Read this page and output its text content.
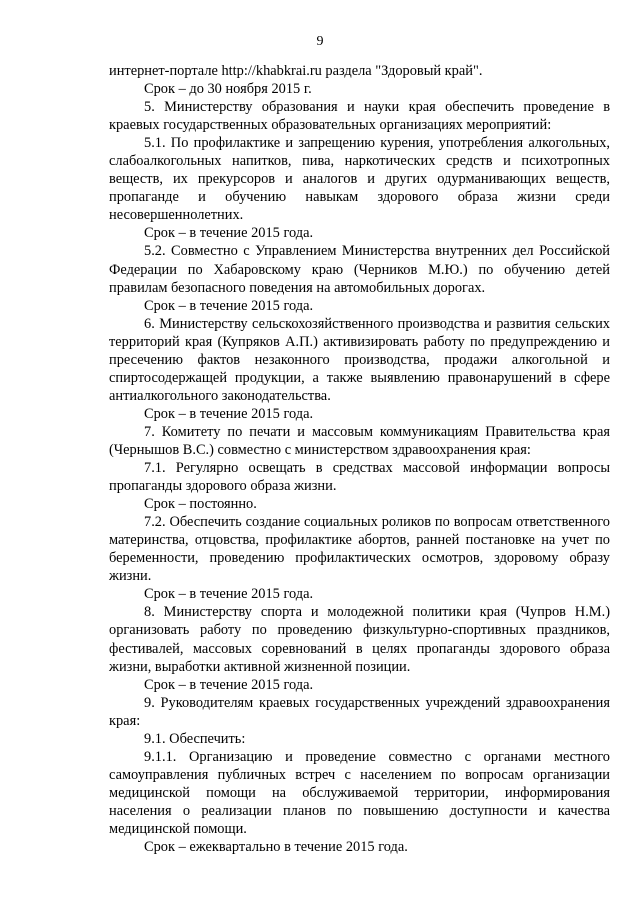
9

интернет-портале http://khabkrai.ru раздела "Здоровый край".

Срок – до 30 ноября 2015 г.

5. Министерству образования и науки края обеспечить проведение в краевых государственных образовательных организациях мероприятий:

5.1. По профилактике и запрещению курения, употребления алкогольных, слабоалкогольных напитков, пива, наркотических средств и психотропных веществ, их прекурсоров и аналогов и других одурманивающих веществ, пропаганде и обучению навыкам здорового образа жизни среди несовершеннолетних.

Срок – в течение 2015 года.

5.2. Совместно с Управлением Министерства внутренних дел Российской Федерации по Хабаровскому краю (Черников М.Ю.) по обучению детей правилам безопасного поведения на автомобильных дорогах.

Срок – в течение 2015 года.

6. Министерству сельскохозяйственного производства и развития сельских территорий края (Купряков А.П.) активизировать работу по предупреждению и пресечению фактов незаконного производства, продажи алкогольной и спиртосодержащей продукции, а также выявлению правонарушений в сфере антиалкогольного законодательства.

Срок – в течение 2015 года.

7. Комитету по печати и массовым коммуникациям Правительства края (Чернышов В.С.) совместно с министерством здравоохранения края:

7.1. Регулярно освещать в средствах массовой информации вопросы пропаганды здорового образа жизни.

Срок – постоянно.

7.2. Обеспечить создание социальных роликов по вопросам ответственного материнства, отцовства, профилактике абортов, ранней постановке на учет по беременности, проведению профилактических осмотров, здоровому образу жизни.

Срок – в течение 2015 года.

8. Министерству спорта и молодежной политики края (Чупров Н.М.) организовать работу по проведению физкультурно-спортивных праздников, фестивалей, массовых соревнований в целях пропаганды здорового образа жизни, выработки активной жизненной позиции.

Срок – в течение 2015 года.

9. Руководителям краевых государственных учреждений здравоохранения края:

9.1. Обеспечить:

9.1.1. Организацию и проведение совместно с органами местного самоуправления публичных встреч с населением по вопросам организации медицинской помощи на обслуживаемой территории, информирования населения о реализации планов по повышению доступности и качества медицинской помощи.

Срок – ежеквартально в течение 2015 года.
